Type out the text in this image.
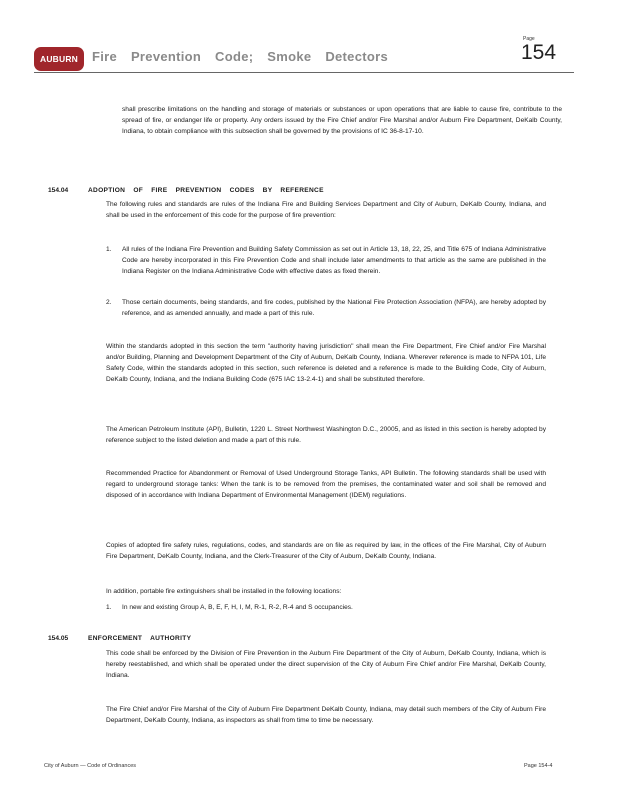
AUBURN Fire Prevention Code; Smoke Detectors
Page
154
shall prescribe limitations on the handling and storage of materials or substances or upon operations that are liable to cause fire, contribute to the spread of fire, or endanger life or property. Any orders issued by the Fire Chief and/or Fire Marshal and/or Auburn Fire Department, DeKalb County, Indiana, to obtain compliance with this subsection shall be governed by the provisions of IC 36-8-17-10.
154.04	ADOPTION OF FIRE PREVENTION CODES BY REFERENCE
The following rules and standards are rules of the Indiana Fire and Building Services Department and City of Auburn, DeKalb County, Indiana, and shall be used in the enforcement of this code for the purpose of fire prevention:
1. All rules of the Indiana Fire Prevention and Building Safety Commission as set out in Article 13, 18, 22, 25, and Title 675 of Indiana Administrative Code are hereby incorporated in this Fire Prevention Code and shall include later amendments to that article as the same are published in the Indiana Register on the Indiana Administrative Code with effective dates as fixed therein.
2. Those certain documents, being standards, and fire codes, published by the National Fire Protection Association (NFPA), are hereby adopted by reference, and as amended annually, and made a part of this rule.
Within the standards adopted in this section the term "authority having jurisdiction" shall mean the Fire Department, Fire Chief and/or Fire Marshal and/or Building, Planning and Development Department of the City of Auburn, DeKalb County, Indiana. Wherever reference is made to NFPA 101, Life Safety Code, within the standards adopted in this section, such reference is deleted and a reference is made to the Building Code, City of Auburn, DeKalb County, Indiana, and the Indiana Building Code (675 IAC 13-2.4-1) and shall be substituted therefore.
The American Petroleum Institute (API), Bulletin, 1220 L. Street Northwest Washington D.C., 20005, and as listed in this section is hereby adopted by reference subject to the listed deletion and made a part of this rule.
Recommended Practice for Abandonment or Removal of Used Underground Storage Tanks, API Bulletin. The following standards shall be used with regard to underground storage tanks: When the tank is to be removed from the premises, the contaminated water and soil shall be removed and disposed of in accordance with Indiana Department of Environmental Management (IDEM) regulations.
Copies of adopted fire safety rules, regulations, codes, and standards are on file as required by law, in the offices of the Fire Marshal, City of Auburn Fire Department, DeKalb County, Indiana, and the Clerk-Treasurer of the City of Auburn, DeKalb County, Indiana.
In addition, portable fire extinguishers shall be installed in the following locations:
1. In new and existing Group A, B, E, F, H, I, M, R-1, R-2, R-4 and S occupancies.
154.05	ENFORCEMENT AUTHORITY
This code shall be enforced by the Division of Fire Prevention in the Auburn Fire Department of the City of Auburn, DeKalb County, Indiana, which is hereby reestablished, and which shall be operated under the direct supervision of the City of Auburn Fire Chief and/or Fire Marshal, DeKalb County, Indiana.
The Fire Chief and/or Fire Marshal of the City of Auburn Fire Department DeKalb County, Indiana, may detail such members of the City of Auburn Fire Department, DeKalb County, Indiana, as inspectors as shall from time to time be necessary.
City of Auburn — Code of Ordinances	Page 154-4
